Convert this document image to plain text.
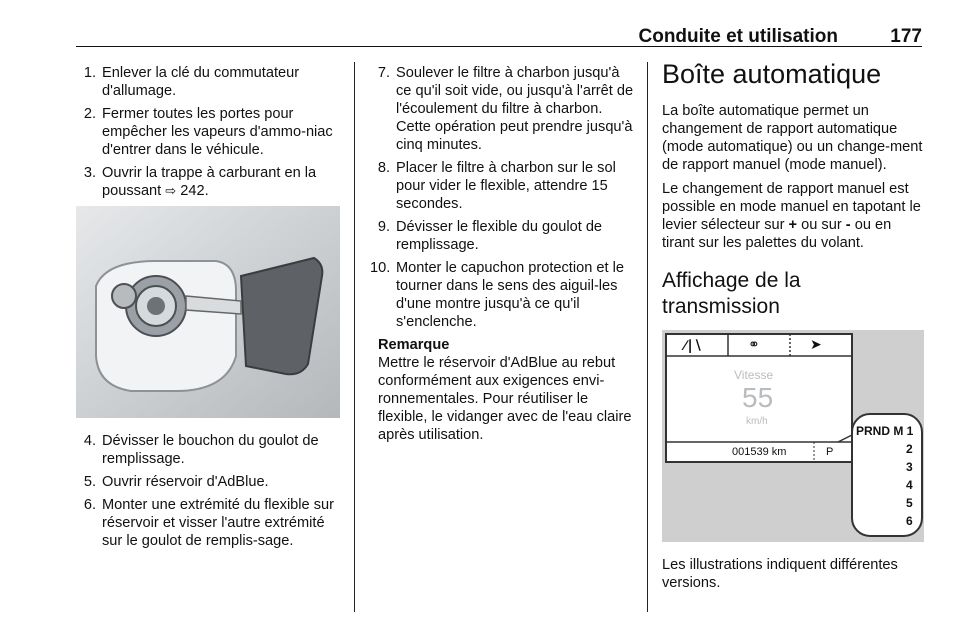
Conduite et utilisation	177
1. Enlever la clé du commutateur d'allumage.
2. Fermer toutes les portes pour empêcher les vapeurs d'ammo-niac d'entrer dans le véhicule.
3. Ouvrir la trappe à carburant en la poussant ⇨ 242.
4. Dévisser le bouchon du goulot de remplissage.
5. Ouvrir réservoir d'AdBlue.
6. Monter une extrémité du flexible sur réservoir et visser l'autre extrémité sur le goulot de remplis-sage.
7. Soulever le filtre à charbon jusqu'à ce qu'il soit vide, ou jusqu'à l'arrêt de l'écoulement du filtre à charbon. Cette opération peut prendre jusqu'à cinq minutes.
8. Placer le filtre à charbon sur le sol pour vider le flexible, attendre 15 secondes.
9. Dévisser le flexible du goulot de remplissage.
10. Monter le capuchon protection et le tourner dans le sens des aiguil-les d'une montre jusqu'à ce qu'il s'enclenche.
Remarque
Mettre le réservoir d'AdBlue au rebut conformément aux exigences envi-ronnementales. Pour réutiliser le flexible, le vidanger avec de l'eau claire après utilisation.
Boîte automatique

La boîte automatique permet un changement de rapport automatique (mode automatique) ou un change-ment de rapport manuel (mode manuel).

Le changement de rapport manuel est possible en mode manuel en tapotant le levier sélecteur sur + ou sur - ou en tirant sur les palettes du volant.

Affichage de la transmission
∕∣∖	⚭	➤
Vitesse
55
km/h
001539 km	P
PRND M 1
2
3
4
5
6
Les illustrations indiquent différentes versions.
